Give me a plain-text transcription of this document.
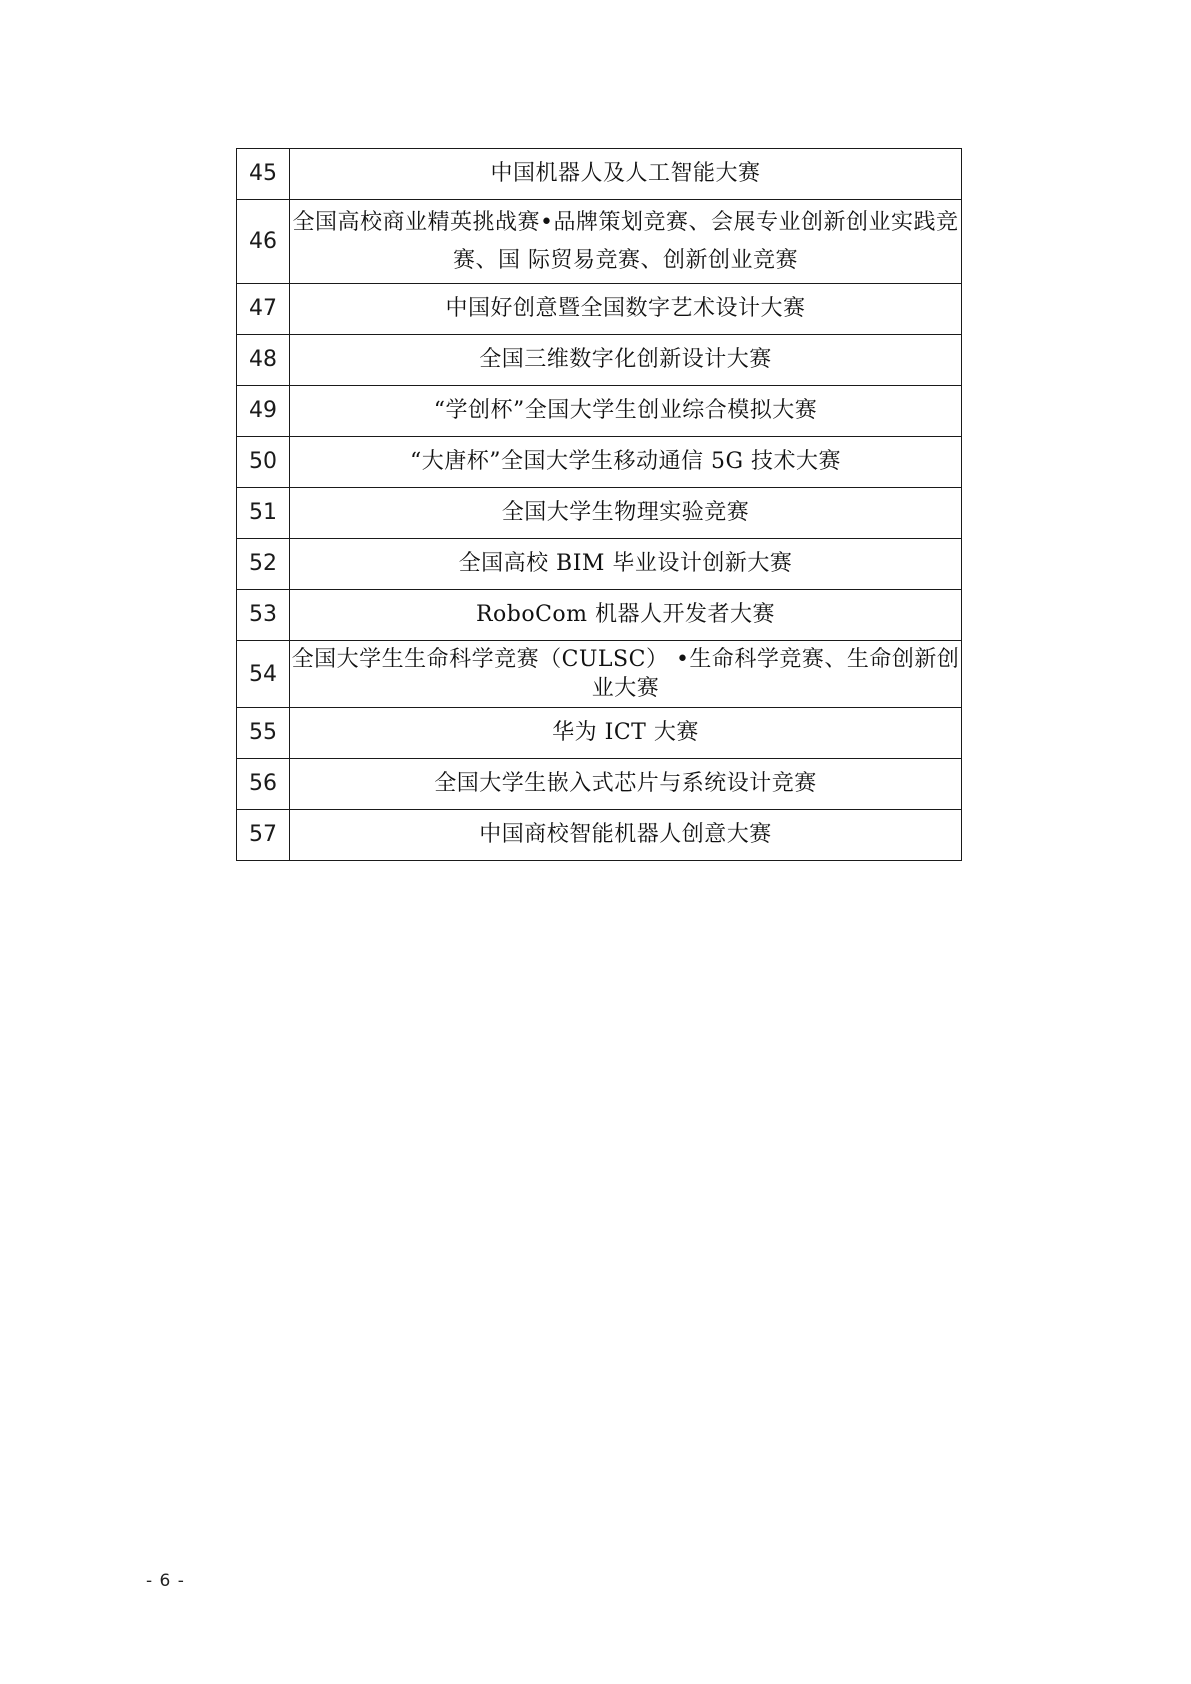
45	中国机器人及人工智能大赛
46	全国高校商业精英挑战赛•品牌策划竞赛、会展专业创新创业实践竞赛、国 际贸易竞赛、创新创业竞赛
47	中国好创意暨全国数字艺术设计大赛
48	全国三维数字化创新设计大赛
49	“学创杯”全国大学生创业综合模拟大赛
50	“大唐杯”全国大学生移动通信 5G 技术大赛
51	全国大学生物理实验竞赛
52	全国高校 BIM 毕业设计创新大赛
53	RoboCom 机器人开发者大赛
54	全国大学生生命科学竞赛（CULSC） •生命科学竞赛、生命创新创业大赛
55	华为 ICT 大赛
56	全国大学生嵌入式芯片与系统设计竞赛
57	中国商校智能机器人创意大赛
- 6 -
